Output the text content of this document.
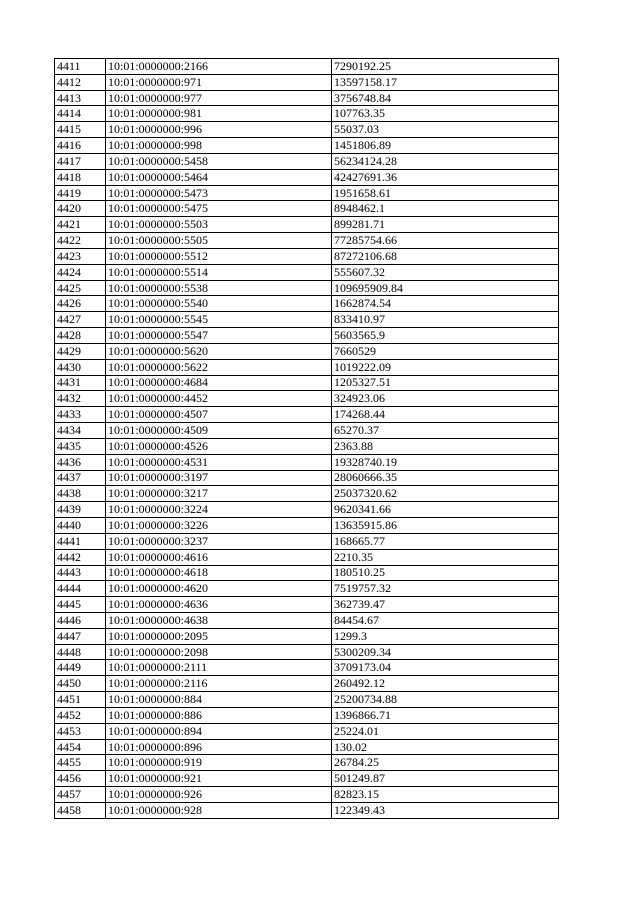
4411	10:01:0000000:2166	7290192.25
4412	10:01:0000000:971	13597158.17
4413	10:01:0000000:977	3756748.84
4414	10:01:0000000:981	107763.35
4415	10:01:0000000:996	55037.03
4416	10:01:0000000:998	1451806.89
4417	10:01:0000000:5458	56234124.28
4418	10:01:0000000:5464	42427691.36
4419	10:01:0000000:5473	1951658.61
4420	10:01:0000000:5475	8948462.1
4421	10:01:0000000:5503	899281.71
4422	10:01:0000000:5505	77285754.66
4423	10:01:0000000:5512	87272106.68
4424	10:01:0000000:5514	555607.32
4425	10:01:0000000:5538	109695909.84
4426	10:01:0000000:5540	1662874.54
4427	10:01:0000000:5545	833410.97
4428	10:01:0000000:5547	5603565.9
4429	10:01:0000000:5620	7660529
4430	10:01:0000000:5622	1019222.09
4431	10:01:0000000:4684	1205327.51
4432	10:01:0000000:4452	324923.06
4433	10:01:0000000:4507	174268.44
4434	10:01:0000000:4509	65270.37
4435	10:01:0000000:4526	2363.88
4436	10:01:0000000:4531	19328740.19
4437	10:01:0000000:3197	28060666.35
4438	10:01:0000000:3217	25037320.62
4439	10:01:0000000:3224	9620341.66
4440	10:01:0000000:3226	13635915.86
4441	10:01:0000000:3237	168665.77
4442	10:01:0000000:4616	2210.35
4443	10:01:0000000:4618	180510.25
4444	10:01:0000000:4620	7519757.32
4445	10:01:0000000:4636	362739.47
4446	10:01:0000000:4638	84454.67
4447	10:01:0000000:2095	1299.3
4448	10:01:0000000:2098	5300209.34
4449	10:01:0000000:2111	3709173.04
4450	10:01:0000000:2116	260492.12
4451	10:01:0000000:884	25200734.88
4452	10:01:0000000:886	1396866.71
4453	10:01:0000000:894	25224.01
4454	10:01:0000000:896	130.02
4455	10:01:0000000:919	26784.25
4456	10:01:0000000:921	501249.87
4457	10:01:0000000:926	82823.15
4458	10:01:0000000:928	122349.43
